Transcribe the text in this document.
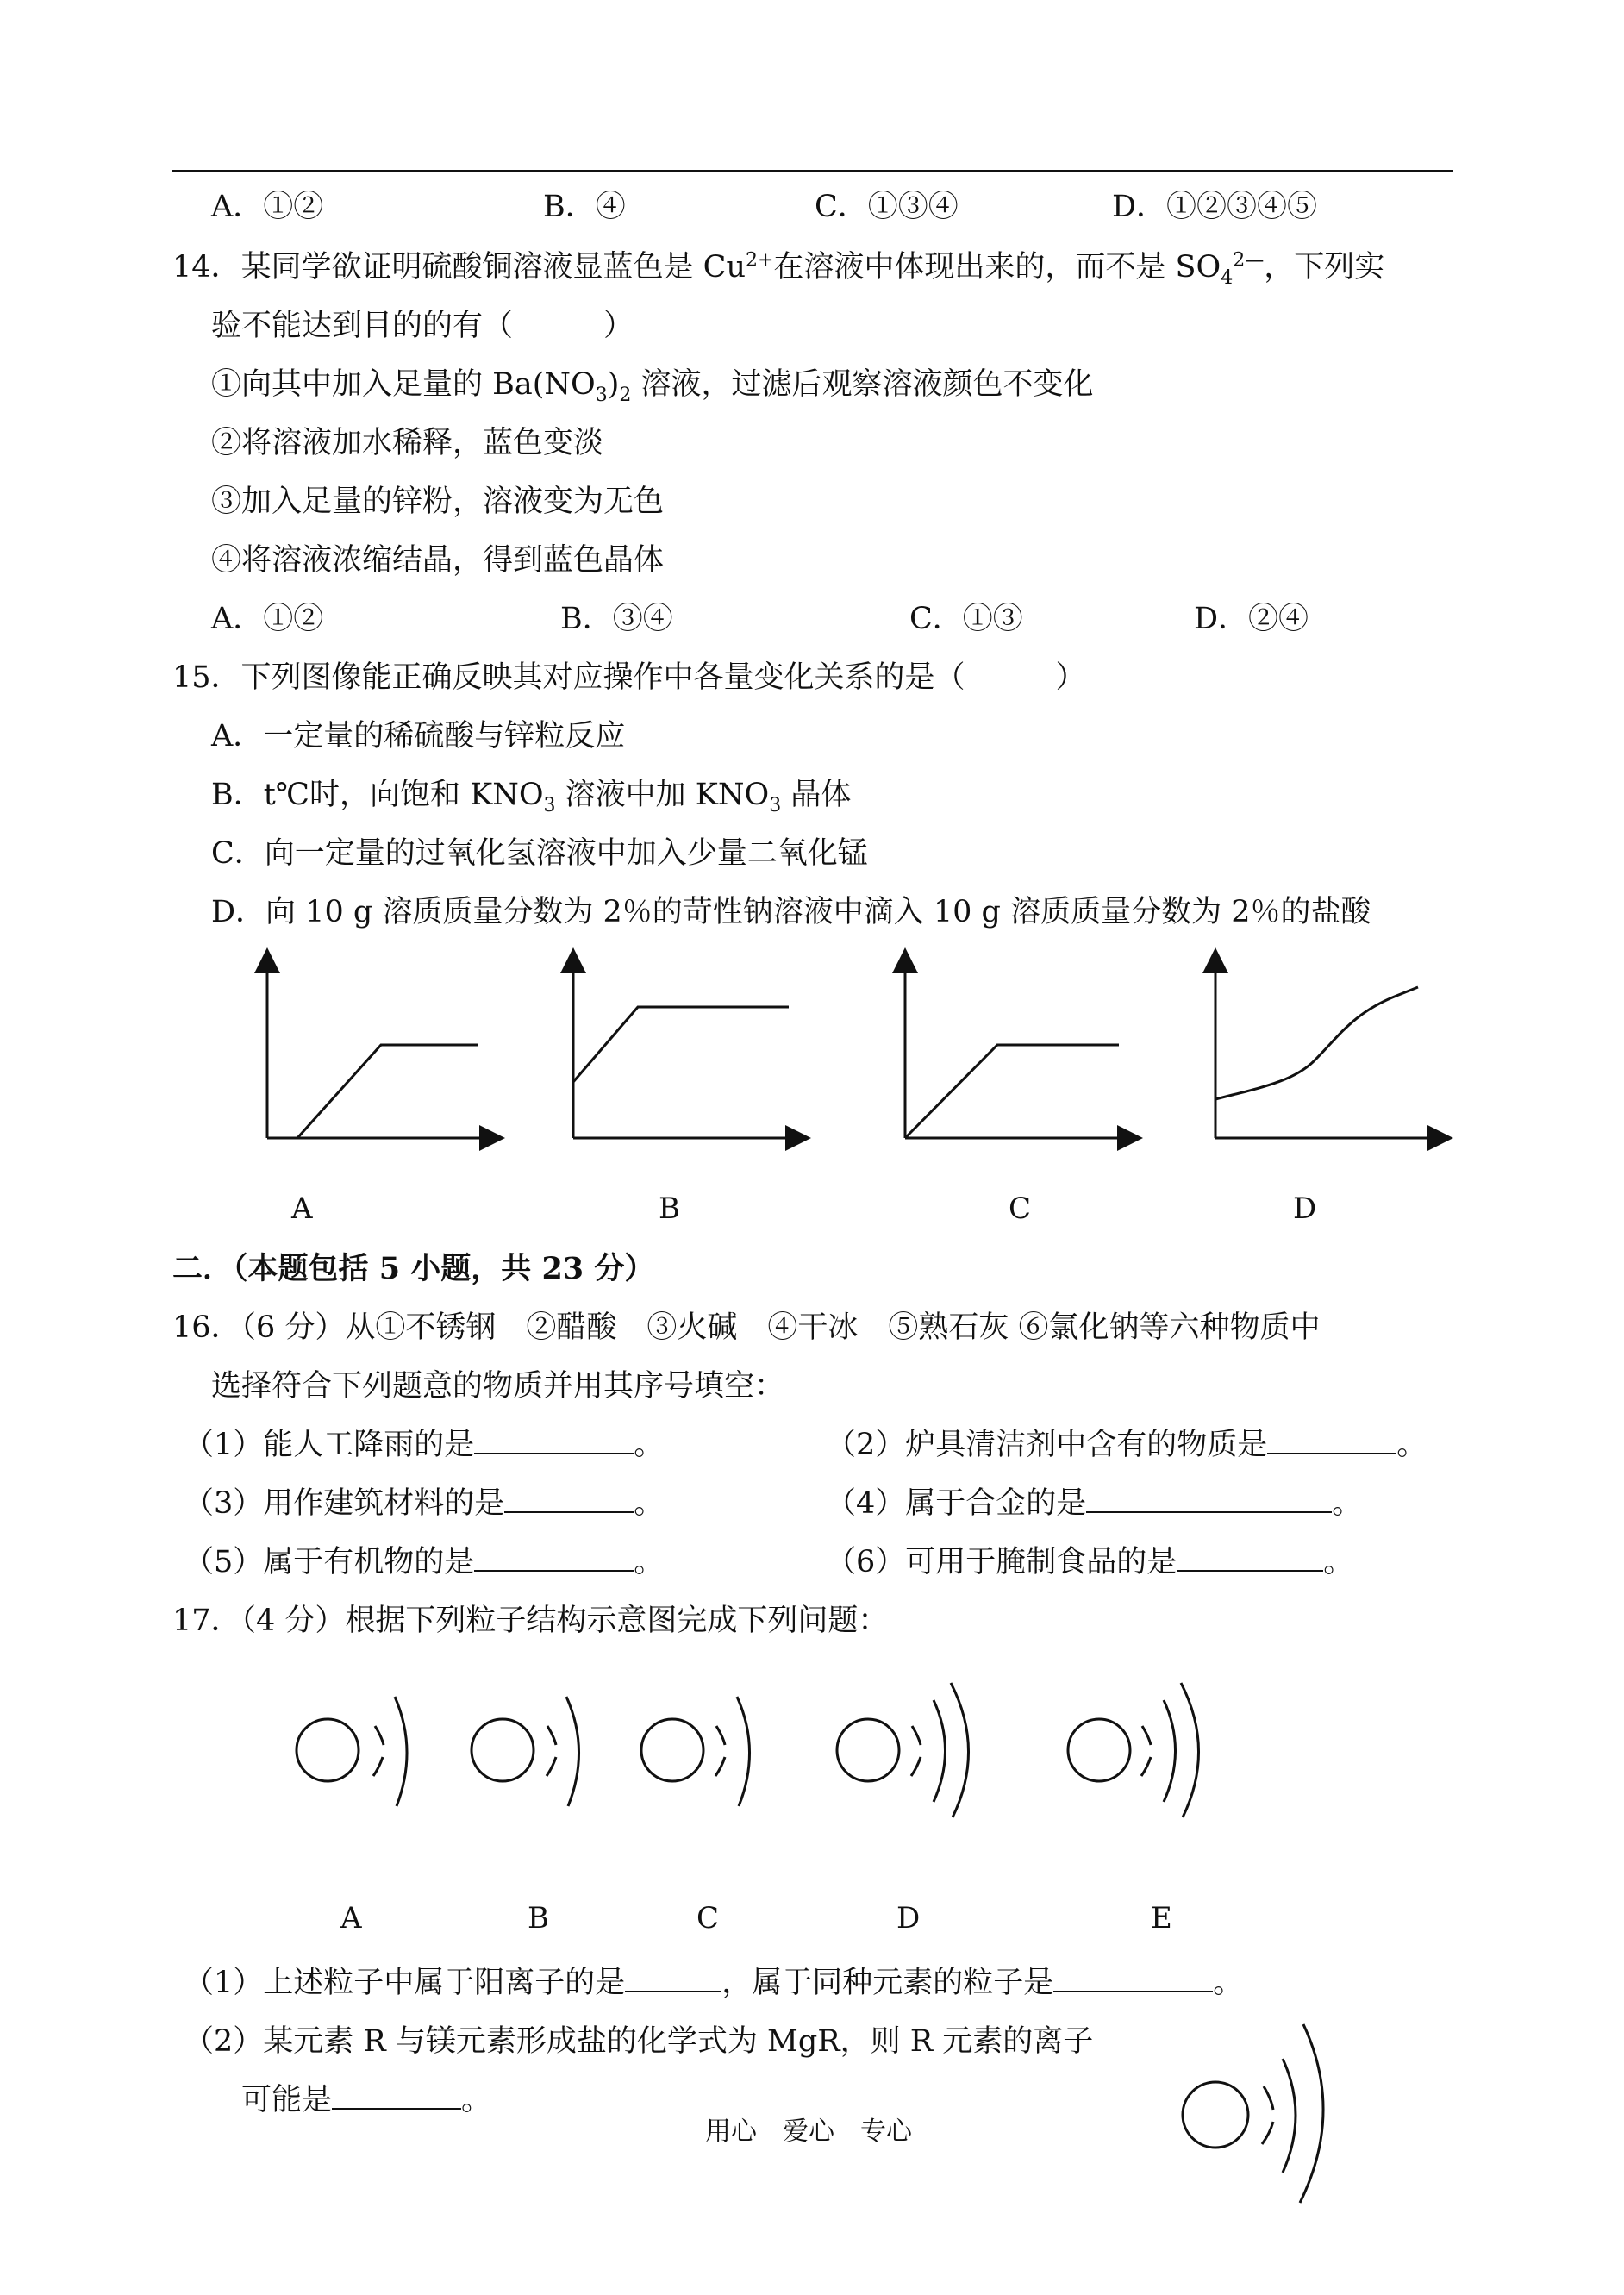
A．①②	B．④	C．①③④	D．①②③④⑤
14．某同学欲证明硫酸铜溶液显蓝色是 $Cu^{2+}$在溶液中体现出来的，而不是 $SO_4^{2—}$，下列实
验不能达到目的的有（　　　）
①向其中加入足量的 $Ba(NO_3)_2$ 溶液，过滤后观察溶液颜色不变化
②将溶液加水稀释，蓝色变淡
③加入足量的锌粉，溶液变为无色
④将溶液浓缩结晶，得到蓝色晶体
A．①②	B．③④	C．①③	D．②④
15．下列图像能正确反映其对应操作中各量变化关系的是（　　　）
A．一定量的稀硫酸与锌粒反应
B．t℃时，向饱和 $KNO_3$ 溶液中加 $KNO_3$ 晶体
C．向一定量的过氧化氢溶液中加入少量二氧化锰
D．向 10 g 溶质质量分数为 2％的苛性钠溶液中滴入 10 g 溶质质量分数为 2％的盐酸
A	B	C	D
二．（本题包括 5 小题，共 23 分）
16．（6 分）从①不锈钢　②醋酸　③火碱　④干冰　⑤熟石灰 ⑥氯化钠等六种物质中
选择符合下列题意的物质并用其序号填空：
（1）能人工降雨的是	。	（2）炉具清洁剂中含有的物质是	。
（3）用作建筑材料的是	。	（4）属于合金的是	。
（5）属于有机物的是	。	（6）可用于腌制食品的是	。
17．（4 分）根据下列粒子结构示意图完成下列问题：
A	B	C	D	E
（1）上述粒子中属于阳离子的是	，属于同种元素的粒子是	。
（2）某元素 R 与镁元素形成盐的化学式为 MgR，则 R 元素的离子
可能是	。
用心　爱心　专心
